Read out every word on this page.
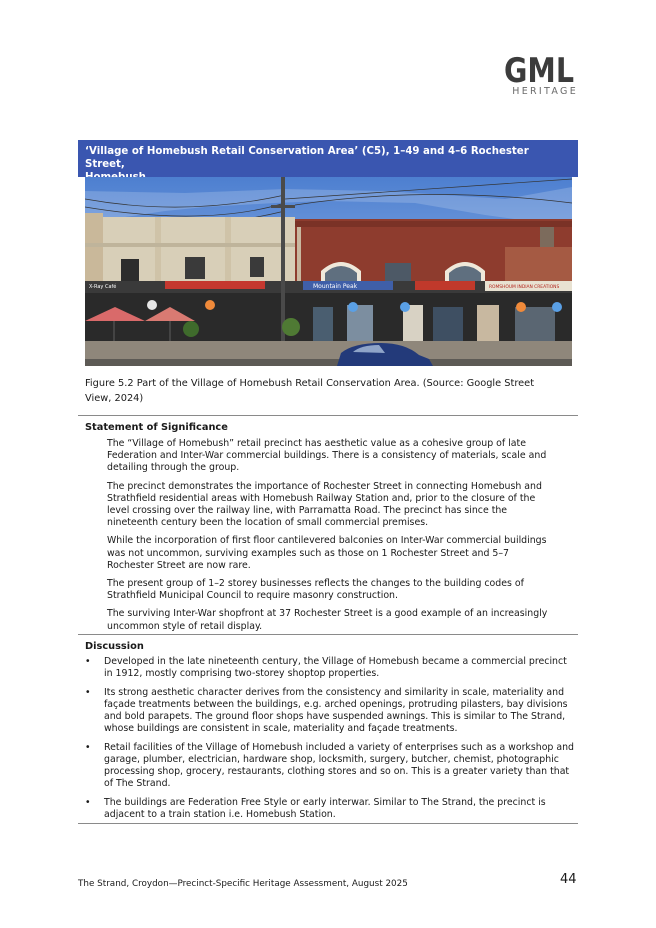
GML
HERITAGE
‘Village of Homebush Retail Conservation Area’ (C5), 1–49 and 4–6 Rochester Street,
X-Ray Café	Mountain Peak	ROMSHOUM INDIAN CREATIONS
Figure 5.2 Part of the Village of Homebush Retail Conservation Area. (Source: Google Street
View, 2024)
Statement of Significance

The “Village of Homebush” retail precinct has aesthetic value as a cohesive group of late Federation and Inter-War commercial buildings. There is a consistency of materials, scale and detailing through the group.

The precinct demonstrates the importance of Rochester Street in connecting Homebush and Strathfield residential areas with Homebush Railway Station and, prior to the closure of the level crossing over the railway line, with Parramatta Road. The precinct has since the nineteenth century been the location of small commercial premises.

While the incorporation of first floor cantilevered balconies on Inter-War commercial buildings was not uncommon, surviving examples such as those on 1 Rochester Street and 5–7 Rochester Street are now rare.

The present group of 1–2 storey businesses reflects the changes to the building codes of Strathfield Municipal Council to require masonry construction.

The surviving Inter-War shopfront at 37 Rochester Street is a good example of an increasingly uncommon style of retail display.

Discussion
• Developed in the late nineteenth century, the Village of Homebush became a commercial precinct in 1912, mostly comprising two-storey shoptop properties.
• Its strong aesthetic character derives from the consistency and similarity in scale, materiality and façade treatments between the buildings, e.g. arched openings, protruding pilasters, bay divisions and bold parapets. The ground floor shops have suspended awnings. This is similar to The Strand, whose buildings are consistent in scale, materiality and façade treatments.
• Retail facilities of the Village of Homebush included a variety of enterprises such as a workshop and garage, plumber, electrician, hardware shop, locksmith, surgery, butcher, chemist, photographic processing shop, grocery, restaurants, clothing stores and so on. This is a greater variety than that of The Strand.
• The buildings are Federation Free Style or early interwar. Similar to The Strand, the precinct is adjacent to a train station i.e. Homebush Station.
The Strand, Croydon—Precinct-Specific Heritage Assessment, August 2025	44
